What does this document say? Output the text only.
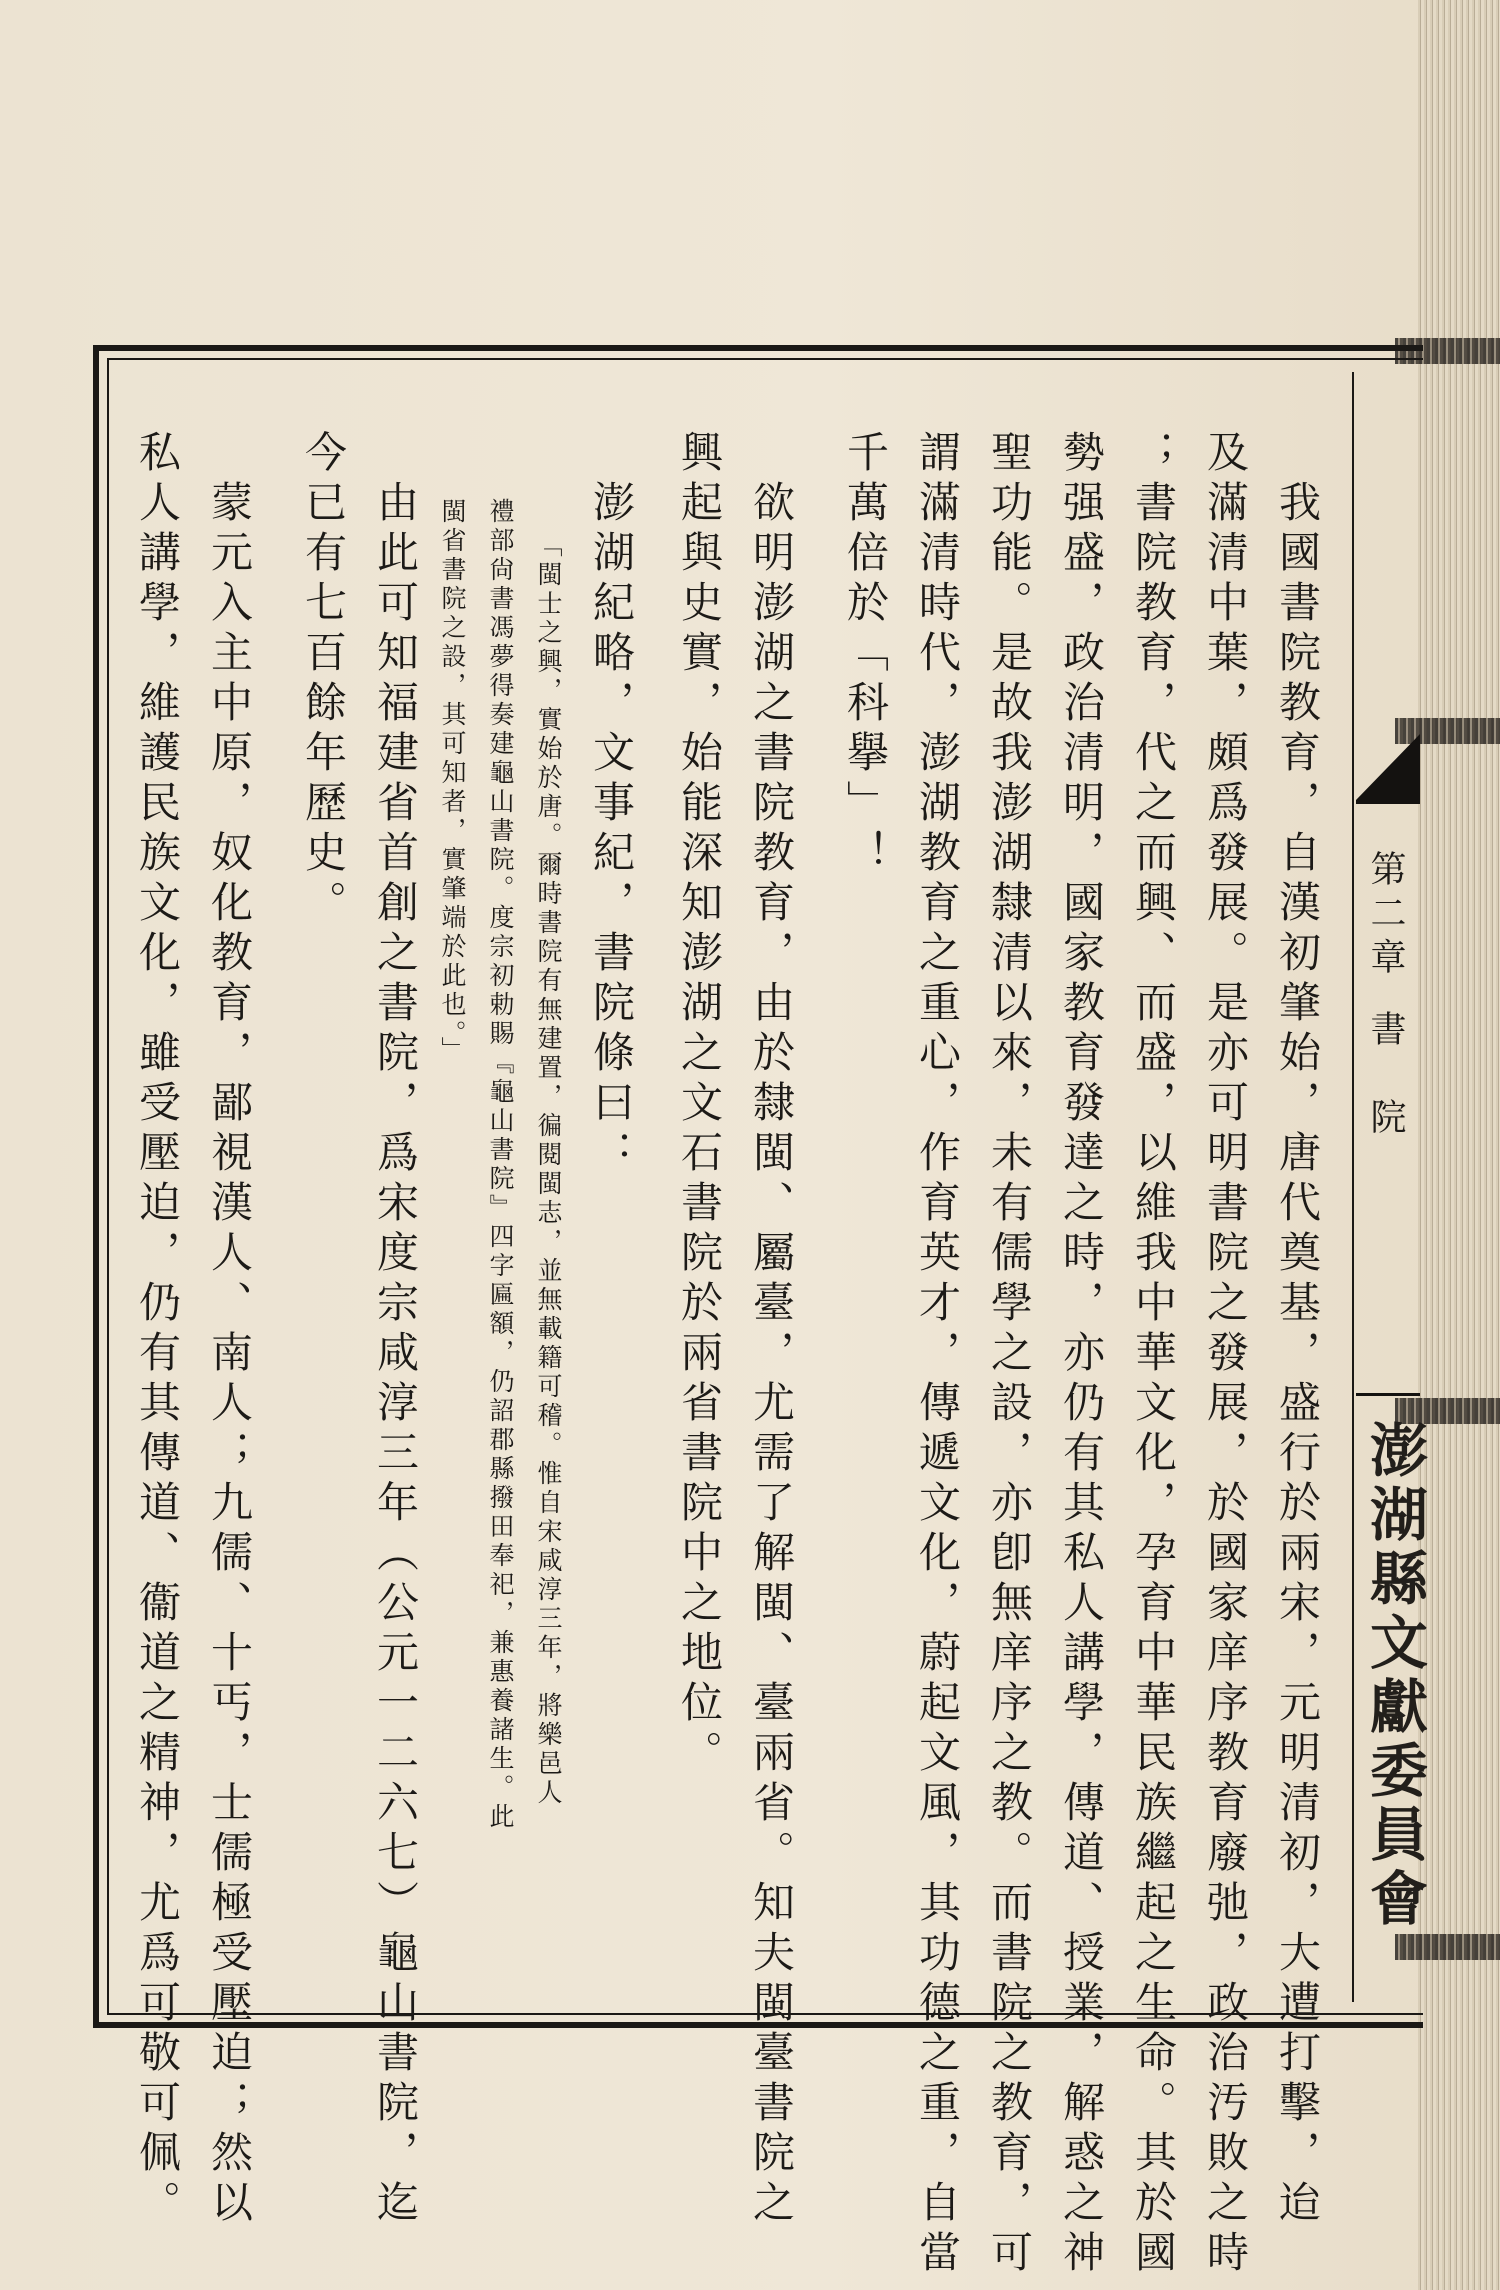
第二章書　院
澎湖縣文獻委員會
我國書院教育，自漢初肇始，唐代奠基，盛行於兩宋，元明清初，大遭打擊，迨
及滿清中葉，頗爲發展。是亦可明書院之發展，於國家庠序教育廢弛，政治汚敗之時
；書院教育，代之而興、而盛，以維我中華文化，孕育中華民族繼起之生命。其於國
勢强盛，政治清明，國家教育發達之時，亦仍有其私人講學，傳道、授業，解惑之神
聖功能。是故我澎湖隸清以來，未有儒學之設，亦卽無庠序之教。而書院之教育，可
謂滿清時代，澎湖教育之重心，作育英才，傳遞文化，蔚起文風，其功德之重，自當
千萬倍於「科擧」！
欲明澎湖之書院教育，由於隸閩、屬臺，尤需了解閩、臺兩省。知夫閩臺書院之
興起與史實，始能深知澎湖之文石書院於兩省書院中之地位。
澎湖紀略，文事紀，書院條曰：
「閩士之興，實始於唐。爾時書院有無建置，徧閱閩志，並無載籍可稽。惟自宋咸淳三年，將樂邑人
禮部尙書馮夢得奏建龜山書院。度宗初勅賜『龜山書院』四字匾額，仍詔郡縣撥田奉祀，兼惠養諸生。此
閩省書院之設，其可知者，實肇端於此也。」
由此可知福建省首創之書院，爲宋度宗咸淳三年（公元一二六七）龜山書院，迄
今已有七百餘年歷史。
蒙元入主中原，奴化教育，鄙視漢人、南人；九儒、十丐，士儒極受壓迫；然以
私人講學，維護民族文化，雖受壓迫，仍有其傳道、衞道之精神，尤爲可敬可佩。
